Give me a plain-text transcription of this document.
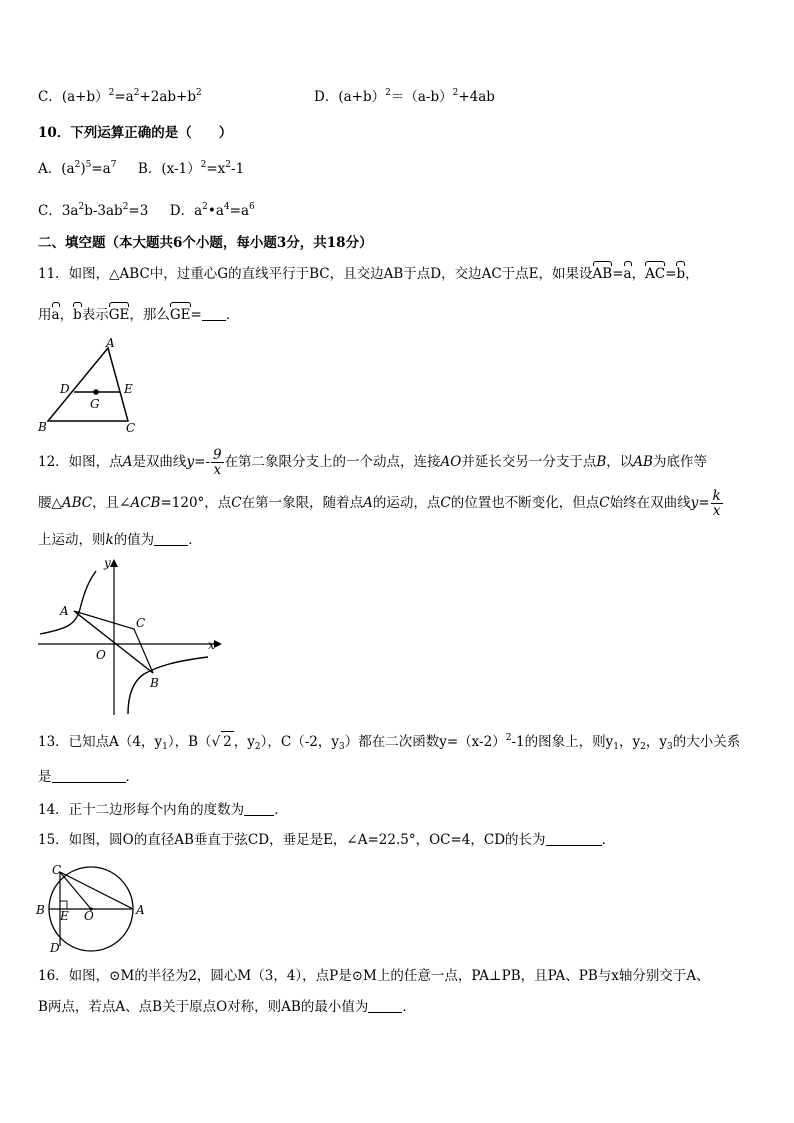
C．$(a+b)^2=a^2+2ab+b^2$	D．$(a+b)^2=(a-b)^2+4ab$
10．下列运算正确的是（　　）
A．$(a^2)^5=a^7$ B．$(x-1)^2=x^2-1$
C．$3a^2b-3ab^2=3$ D．$a^2•a^4=a^6$
二、填空题（本大题共6个小题，每小题3分，共18分）
11．如图，△ABC中，过重心G的直线平行于BC，且交边AB于点D，交边AC于点E，如果设AB=a，AC=b，
用a，b表示GE，那么GE= ．
A
B	C
D	E
G
12．如图，点A是双曲线$y=- \frac{9}{x}$ 在第二象限分支上的一个动点，连接AO并延长交另一分支于点B，以AB为底作等
腰△ABC，且∠ACB=120°，点C在第一象限，随着点A的运动，点C的位置也不断变化，但点C始终在双曲线$y= \frac{k}{x}$
上运动，则k的值为	．
y
x
A
C
O
B
13．已知点A（4，$y_1$），B（√ 2 ，$y_2$），C（-2，$y_3$）都在二次函数$y=(x-2)^2-1$的图象上，则$y_1$，$y_2$，$y_3$的大小关系
是	．
14．正十二边形每个内角的度数为 ．
15．如图，圆O的直径AB垂直于弦CD，垂足是E，∠A=22.5°，OC=4，CD的长为	．
C
B E O	A
D
16．如图，⊙M的半径为2，圆心M（3，4），点P是⊙M上的任意一点，PA⊥PB，且PA、PB与x轴分别交于A、
B两点，若点A、点B关于原点O对称，则AB的最小值为	．
